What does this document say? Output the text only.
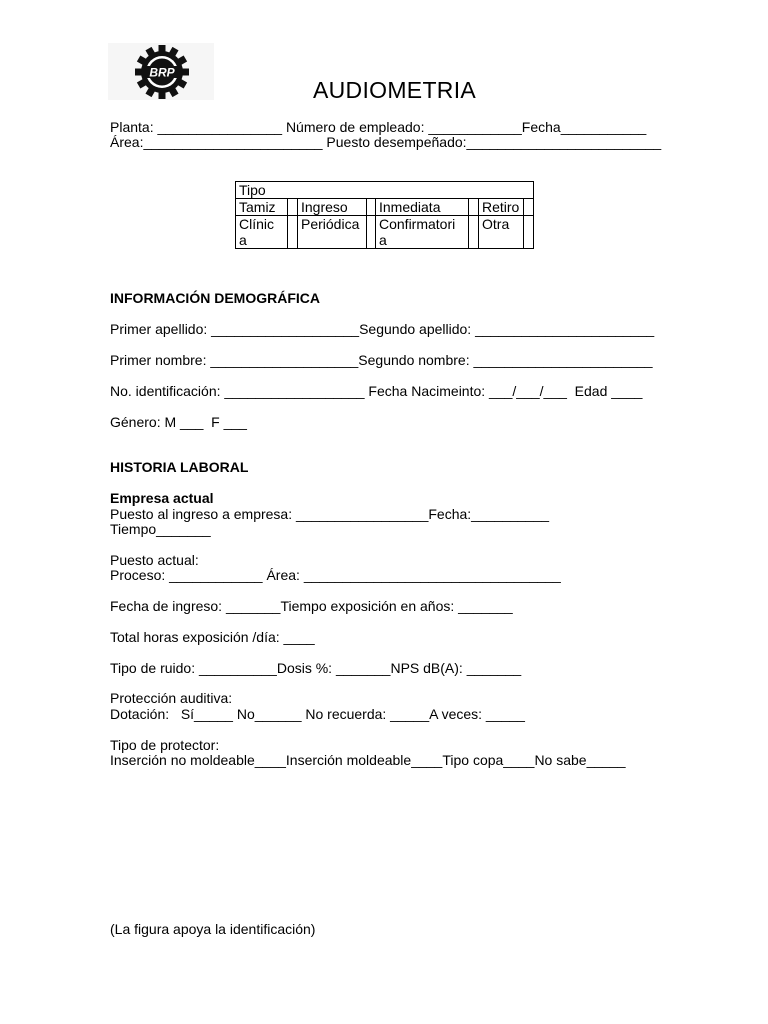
BRP
AUDIOMETRIA
Planta: ________________ Número de empleado: ____________Fecha___________
Área:_______________________ Puesto desempeñado:_________________________
Tipo							
Tamiz		Ingreso		Inmediata		Retiro	
Clínica		Periódica		Confirmatoria		Otra	
INFORMACIÓN DEMOGRÁFICA
Primer apellido: ___________________Segundo apellido: _______________________
Primer nombre: ___________________Segundo nombre: _______________________
No. identificación: __________________ Fecha Nacimeinto: ___/___/___  Edad ____
Género: M ___  F ___
HISTORIA LABORAL
Empresa actual
Puesto al ingreso a empresa: _________________Fecha:__________
Tiempo_______
Puesto actual:
Proceso: ____________ Área: _________________________________
Fecha de ingreso: _______Tiempo exposición en años: _______
Total horas exposición /día: ____
Tipo de ruido: __________Dosis %: _______NPS dB(A): _______
Protección auditiva:
Dotación:   Sí_____ No______ No recuerda: _____A veces: _____
Tipo de protector:
Inserción no moldeable____Inserción moldeable____Tipo copa____No sabe_____
(La figura apoya la identificación)
